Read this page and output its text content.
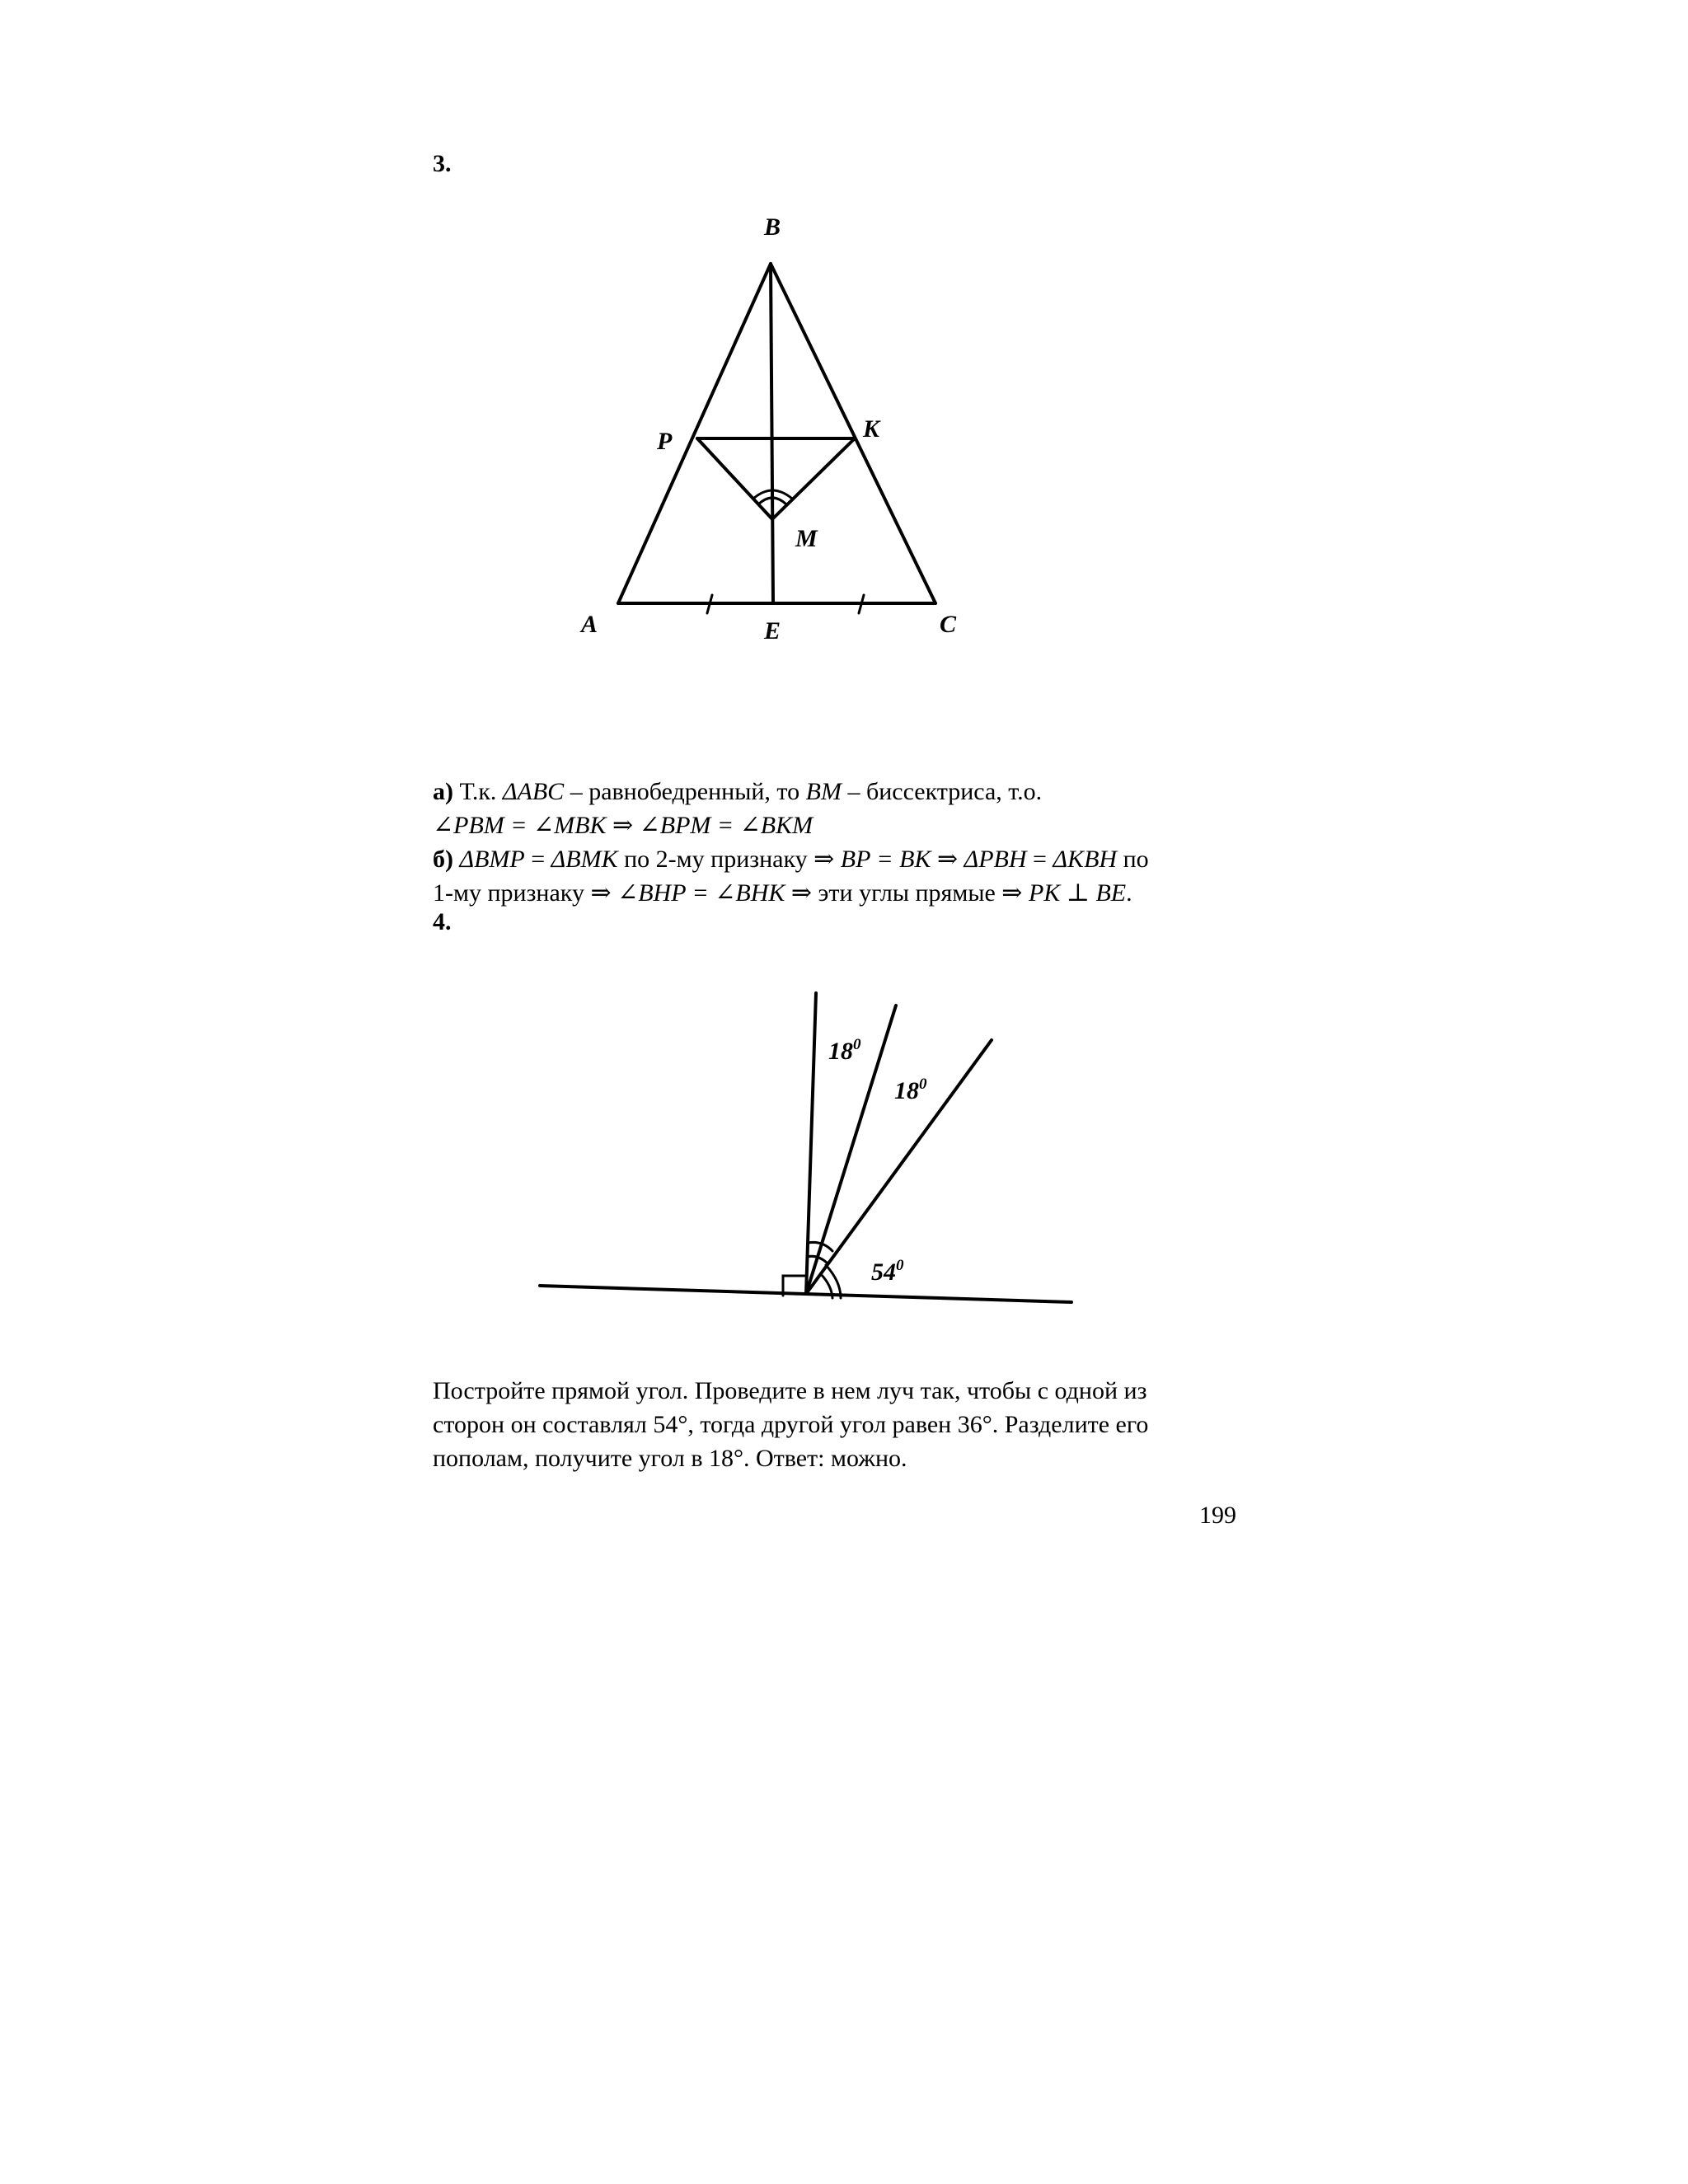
3.
B
P	K
M
A	E	C
а) Т.к. ΔABC – равнобедренный, то BM – биссектриса, т.о.
∠PBM = ∠MBK ⇒ ∠BPM = ∠BKM
б) ΔBMP = ΔBMK по 2-му признаку ⇒ BP = BK ⇒ ΔPBH = ΔKBH по
1-му признаку ⇒ ∠BHP = ∠BHK ⇒ эти углы прямые ⇒ PK ⊥ BE.
4.
$18^0$
$18^0$
$54^0$
Постройте прямой угол. Проведите в нем луч так, чтобы с одной из
сторон он составлял 54°, тогда другой угол равен 36°. Разделите его
пополам, получите угол в 18°. Ответ: можно.
199
